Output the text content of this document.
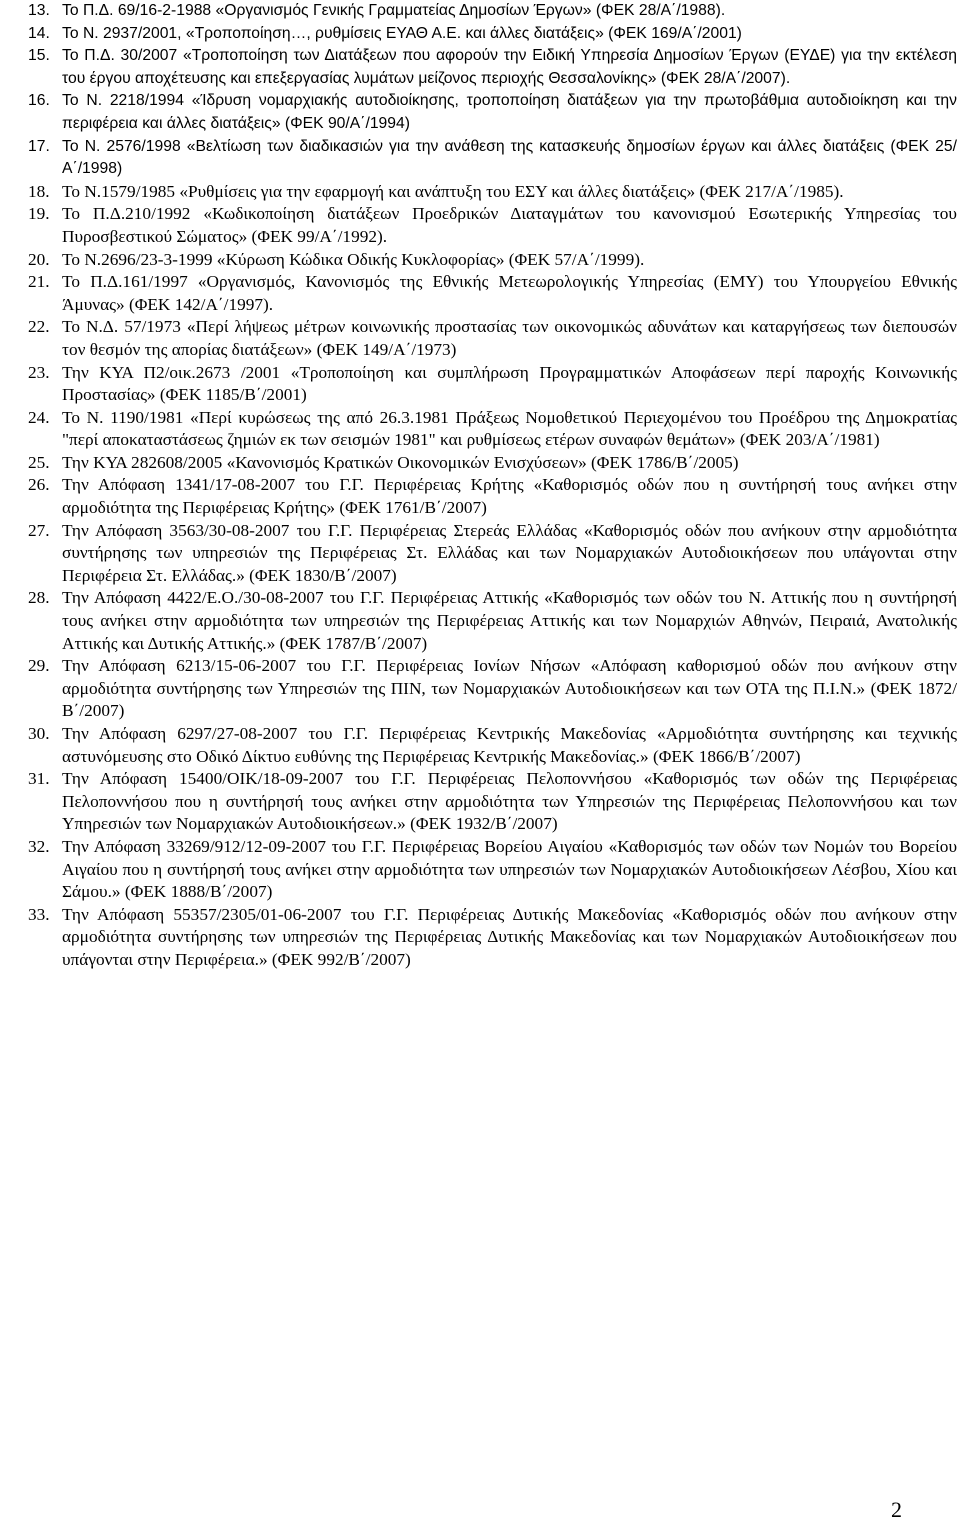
13. Το Π.Δ. 69/16-2-1988 «Οργανισμός Γενικής Γραμματείας Δημοσίων Έργων» (ΦΕΚ 28/Α΄/1988).
14. Το Ν. 2937/2001, «Τροποποίηση…, ρυθμίσεις ΕΥΑΘ Α.Ε. και άλλες διατάξεις» (ΦΕΚ 169/Α΄/2001)
15. Το Π.Δ. 30/2007 «Τροποποίηση των Διατάξεων που αφορούν την Ειδική Υπηρεσία Δημοσίων Έργων (ΕΥΔΕ) για την εκτέλεση του έργου αποχέτευσης και επεξεργασίας λυμάτων μείζονος περιοχής Θεσσαλονίκης» (ΦΕΚ 28/Α΄/2007).
16. Το Ν. 2218/1994 «Ίδρυση νομαρχιακής αυτοδιοίκησης, τροποποίηση διατάξεων για την πρωτοβάθμια αυτοδιοίκηση και την περιφέρεια και άλλες διατάξεις» (ΦΕΚ 90/Α΄/1994)
17. Το Ν. 2576/1998 «Βελτίωση των διαδικασιών για την ανάθεση της κατασκευής δημοσίων έργων και άλλες διατάξεις (ΦΕΚ 25/Α΄/1998)
18. Το Ν.1579/1985 «Ρυθμίσεις για την εφαρμογή και ανάπτυξη του ΕΣΥ και άλλες διατάξεις» (ΦΕΚ 217/Α΄/1985).
19. Το Π.Δ.210/1992 «Κωδικοποίηση διατάξεων Προεδρικών Διαταγμάτων του κανονισμού Εσωτερικής Υπηρεσίας του Πυροσβεστικού Σώματος» (ΦΕΚ 99/Α΄/1992).
20. Το Ν.2696/23-3-1999 «Κύρωση Κώδικα Οδικής Κυκλοφορίας» (ΦΕΚ 57/Α΄/1999).
21. Το Π.Δ.161/1997 «Οργανισμός, Κανονισμός της Εθνικής Μετεωρολογικής Υπηρεσίας (ΕΜΥ) του Υπουργείου Εθνικής Άμυνας» (ΦΕΚ 142/Α΄/1997).
22. Το Ν.Δ. 57/1973 «Περί λήψεως μέτρων κοινωνικής προστασίας των οικονομικώς αδυνάτων και καταργήσεως των διεπουσών τον θεσμόν της απορίας διατάξεων» (ΦΕΚ 149/Α΄/1973)
23. Την ΚΥΑ Π2/οικ.2673 /2001 «Τροποποίηση και συμπλήρωση Προγραμματικών Αποφάσεων περί παροχής Κοινωνικής Προστασίας» (ΦΕΚ 1185/Β΄/2001)
24. Το Ν. 1190/1981 «Περί κυρώσεως της από 26.3.1981 Πράξεως Νομοθετικού Περιεχομένου του Προέδρου της Δημοκρατίας "περί αποκαταστάσεως ζημιών εκ των σεισμών 1981" και ρυθμίσεως ετέρων συναφών θεμάτων» (ΦΕΚ 203/Α΄/1981)
25. Την ΚΥΑ 282608/2005 «Κανονισμός Κρατικών Οικονομικών Ενισχύσεων» (ΦΕΚ 1786/Β΄/2005)
26. Την Απόφαση 1341/17-08-2007 του Γ.Γ. Περιφέρειας Κρήτης «Καθορισμός οδών που η συντήρησή τους ανήκει στην αρμοδιότητα της Περιφέρειας Κρήτης» (ΦΕΚ 1761/Β΄/2007)
27. Την Απόφαση 3563/30-08-2007 του Γ.Γ. Περιφέρειας Στερεάς Ελλάδας «Καθορισμός οδών που ανήκουν στην αρμοδιότητα συντήρησης των υπηρεσιών της Περιφέρειας Στ. Ελλάδας και των Νομαρχιακών Αυτοδιοικήσεων που υπάγονται στην Περιφέρεια Στ. Ελλάδας.» (ΦΕΚ 1830/Β΄/2007)
28. Την Απόφαση 4422/Ε.Ο./30-08-2007 του Γ.Γ. Περιφέρειας Αττικής «Καθορισμός των οδών του Ν. Αττικής που η συντήρησή τους ανήκει στην αρμοδιότητα των υπηρεσιών της Περιφέρειας Αττικής και των Νομαρχιών Αθηνών, Πειραιά, Ανατολικής Αττικής και Δυτικής Αττικής.» (ΦΕΚ 1787/Β΄/2007)
29. Την Απόφαση 6213/15-06-2007 του Γ.Γ. Περιφέρειας Ιονίων Νήσων «Απόφαση καθορισμού οδών που ανήκουν στην αρμοδιότητα συντήρησης των Υπηρεσιών της ΠΙΝ, των Νομαρχιακών Αυτοδιοικήσεων και των ΟΤΑ της Π.Ι.Ν.» (ΦΕΚ 1872/Β΄/2007)
30. Την Απόφαση 6297/27-08-2007 του Γ.Γ. Περιφέρειας Κεντρικής Μακεδονίας «Αρμοδιότητα συντήρησης και τεχνικής αστυνόμευσης στο Οδικό Δίκτυο ευθύνης της Περιφέρειας Κεντρικής Μακεδονίας.» (ΦΕΚ 1866/Β΄/2007)
31. Την Απόφαση 15400/ΟΙΚ/18-09-2007 του Γ.Γ. Περιφέρειας Πελοποννήσου «Καθορισμός των οδών της Περιφέρειας Πελοποννήσου που η συντήρησή τους ανήκει στην αρμοδιότητα των Υπηρεσιών της Περιφέρειας Πελοποννήσου και των Υπηρεσιών των Νομαρχιακών Αυτοδιοικήσεων.» (ΦΕΚ 1932/Β΄/2007)
32. Την Απόφαση 33269/912/12-09-2007 του Γ.Γ. Περιφέρειας Βορείου Αιγαίου «Καθορισμός των οδών των Νομών του Βορείου Αιγαίου που η συντήρησή τους ανήκει στην αρμοδιότητα των υπηρεσιών των Νομαρχιακών Αυτοδιοικήσεων Λέσβου, Χίου και Σάμου.» (ΦΕΚ 1888/Β΄/2007)
33. Την Απόφαση 55357/2305/01-06-2007 του Γ.Γ. Περιφέρειας Δυτικής Μακεδονίας «Καθορισμός οδών που ανήκουν στην αρμοδιότητα συντήρησης των υπηρεσιών της Περιφέρειας Δυτικής Μακεδονίας και των Νομαρχιακών Αυτοδιοικήσεων που υπάγονται στην Περιφέρεια.» (ΦΕΚ 992/Β΄/2007)
2
